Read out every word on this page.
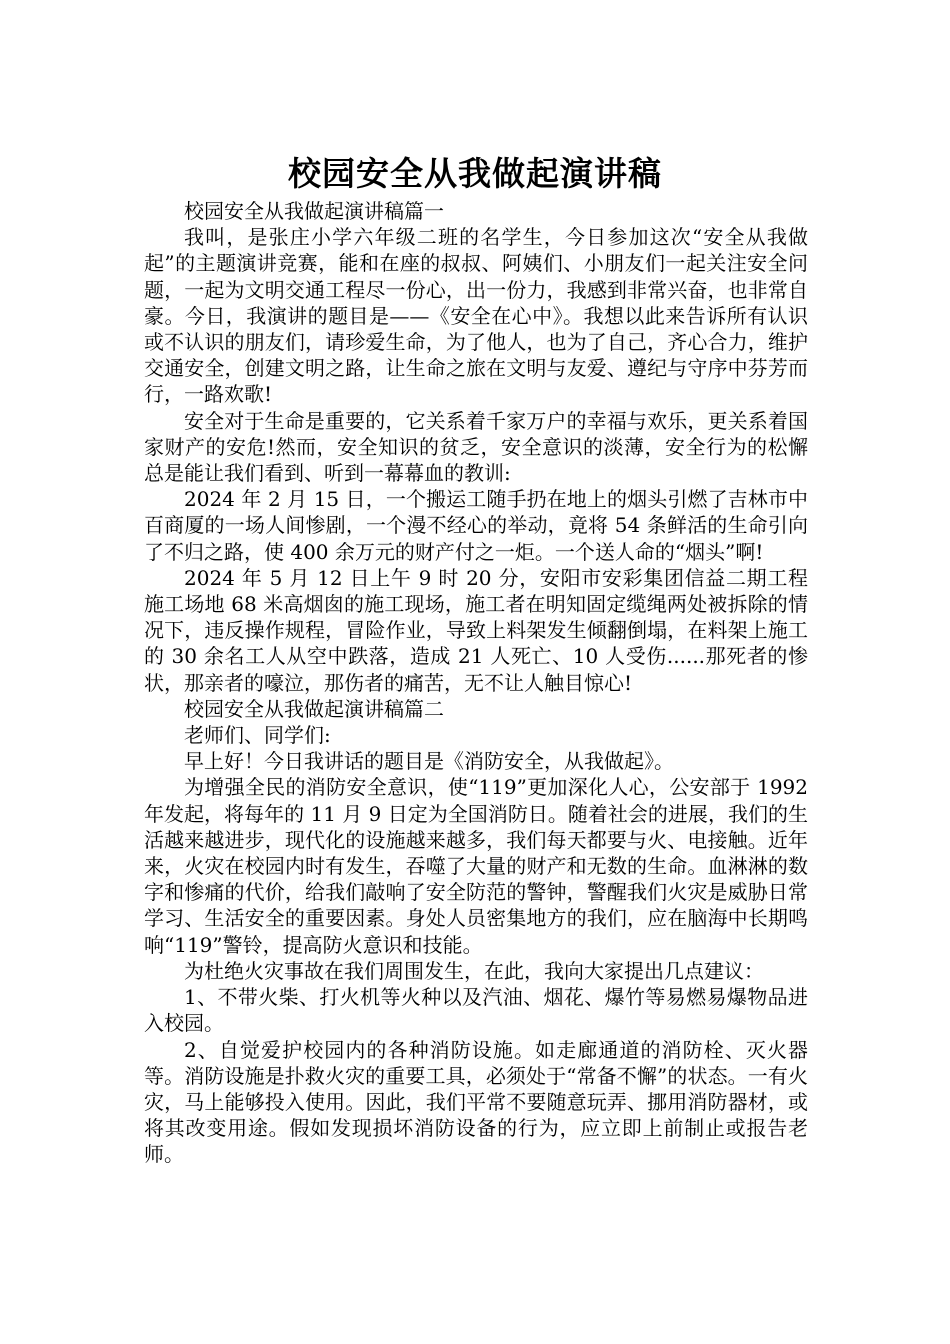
校园安全从我做起演讲稿

校园安全从我做起演讲稿篇一

我叫，是张庄小学六年级二班的名学生，今日参加这次“安全从我做起”的主题演讲竞赛，能和在座的叔叔、阿姨们、小朋友们一起关注安全问题，一起为文明交通工程尽一份心，出一份力，我感到非常兴奋，也非常自豪。今日，我演讲的题目是——《安全在心中》。我想以此来告诉所有认识或不认识的朋友们，请珍爱生命，为了他人，也为了自己，齐心合力，维护交通安全，创建文明之路，让生命之旅在文明与友爱、遵纪与守序中芬芳而行，一路欢歌!

安全对于生命是重要的，它关系着千家万户的幸福与欢乐，更关系着国家财产的安危!然而，安全知识的贫乏，安全意识的淡薄，安全行为的松懈总是能让我们看到、听到一幕幕血的教训:

2024 年 2 月 15 日，一个搬运工随手扔在地上的烟头引燃了吉林市中百商厦的一场人间惨剧，一个漫不经心的举动，竟将 54 条鲜活的生命引向了不归之路，使 400 余万元的财产付之一炬。一个送人命的“烟头”啊!

2024 年 5 月 12 日上午 9 时 20 分，安阳市安彩集团信益二期工程施工场地 68 米高烟囱的施工现场，施工者在明知固定缆绳两处被拆除的情况下，违反操作规程，冒险作业，导致上料架发生倾翻倒塌，在料架上施工的 30 余名工人从空中跌落，造成 21 人死亡、10 人受伤......那死者的惨状，那亲者的嚎泣，那伤者的痛苦，无不让人触目惊心!

校园安全从我做起演讲稿篇二

老师们、同学们:

早上好！今日我讲话的题目是《消防安全，从我做起》。

为增强全民的消防安全意识，使“119”更加深化人心，公安部于 1992 年发起，将每年的 11 月 9 日定为全国消防日。随着社会的进展，我们的生活越来越进步，现代化的设施越来越多，我们每天都要与火、电接触。近年来，火灾在校园内时有发生，吞噬了大量的财产和无数的生命。血淋淋的数字和惨痛的代价，给我们敲响了安全防范的警钟，警醒我们火灾是威胁日常学习、生活安全的重要因素。身处人员密集地方的我们，应在脑海中长期鸣响“119”警铃，提高防火意识和技能。

为杜绝火灾事故在我们周围发生，在此，我向大家提出几点建议：

1、不带火柴、打火机等火种以及汽油、烟花、爆竹等易燃易爆物品进入校园。

2、自觉爱护校园内的各种消防设施。如走廊通道的消防栓、灭火器等。消防设施是扑救火灾的重要工具，必须处于“常备不懈”的状态。一有火灾，马上能够投入使用。因此，我们平常不要随意玩弄、挪用消防器材，或将其改变用途。假如发现损坏消防设备的行为，应立即上前制止或报告老师。
